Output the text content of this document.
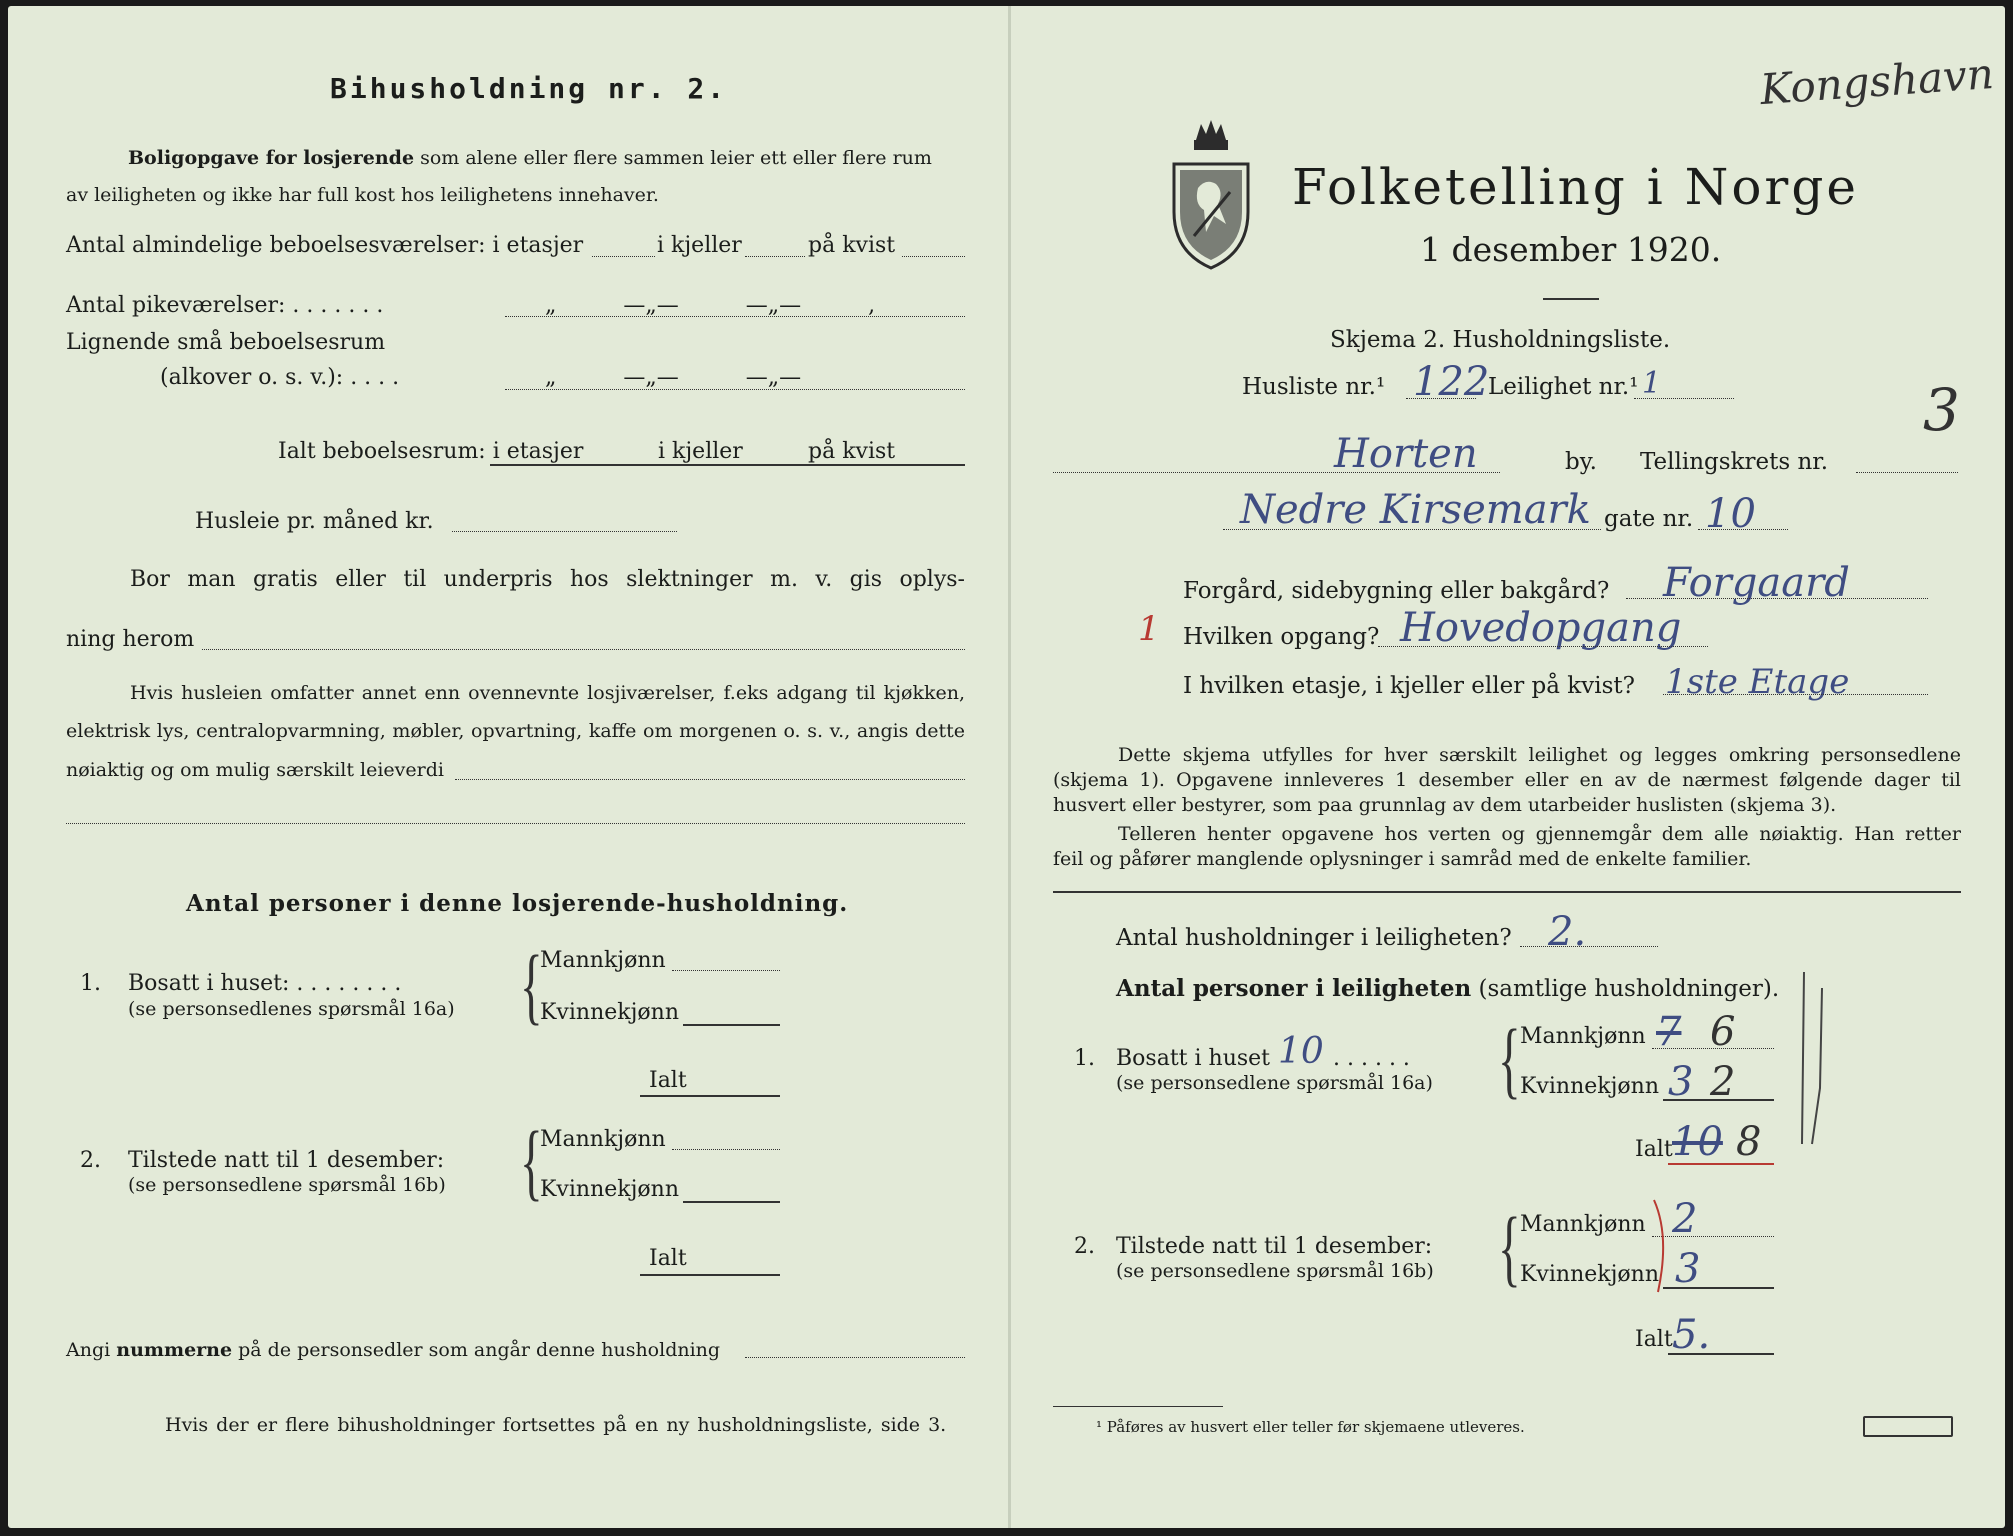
Bihusholdning nr. 2.
Boligopgave for losjerende som alene eller flere sammen leier ett eller flere rum
av leiligheten og ikke har full kost hos leilighetens innehaver.
Antal almindelige beboelsesværelser: i etasjer	i kjeller	på kvist
Antal pikeværelser: . . . . . . .	„ —„— —„— ,
Lignende små beboelsesrum
(alkover o. s. v.): . . . .	„ —„— —„—
Ialt beboelsesrum: i etasjer	i kjeller	på kvist
Husleie pr. måned kr.
Bor man gratis eller til underpris hos slektninger m. v. gis oplys-
ning herom
Hvis husleien omfatter annet enn ovennevnte losjiværelser, f.eks adgang til kjøkken,
elektrisk lys, centralopvarmning, møbler, opvartning, kaffe om morgenen o. s. v., angis dette
nøiaktig og om mulig særskilt leieverdi
Antal personer i denne losjerende-husholdning.
1. Bosatt i huset: . . . . . . . .
(se personsedlenes spørsmål 16a) {
Mannkjønn
Kvinnekjønn
Ialt
2. Tilstede natt til 1 desember:
(se personsedlene spørsmål 16b) {
Mannkjønn
Kvinnekjønn
Ialt
Angi nummerne på de personsedler som angår denne husholdning
Hvis der er flere bihusholdninger fortsettes på en ny husholdningsliste, side 3.
Kongshavn
Folketelling i Norge
1 desember 1920.
Skjema 2. Husholdningsliste.
Husliste nr.¹ 122
Leilighet nr.¹ 1	3
Horten	by. Tellingskrets nr.
Nedre Kirsemark gate nr. 10
Forgård, sidebygning eller bakgård? Forgaard
1 Hvilken opgang? Hovedopgang
I hvilken etasje, i kjeller eller på kvist? 1ste Etage
Dette skjema utfylles for hver særskilt leilighet og legges omkring personsedlene
(skjema 1). Opgavene innleveres 1 desember eller en av de nærmest følgende dager til
husvert eller bestyrer, som paa grunnlag av dem utarbeider huslisten (skjema 3).
Telleren henter opgavene hos verten og gjennemgår dem alle nøiaktig. Han retter
feil og påfører manglende oplysninger i samråd med de enkelte familier.
Antal husholdninger i leiligheten? 2.
Antal personer i leiligheten (samtlige husholdninger).
1. Bosatt i huset 10 . . . . . .
(se personsedlene spørsmål 16a) { Mannkjønn 7 6
Kvinnekjønn 3 2
Ialt 10 8
2. Tilstede natt til 1 desember:
(se personsedlene spørsmål 16b) { Mannkjønn 2
Kvinnekjønn 3
Ialt 5.
¹ Påføres av husvert eller teller før skjemaene utleveres.
